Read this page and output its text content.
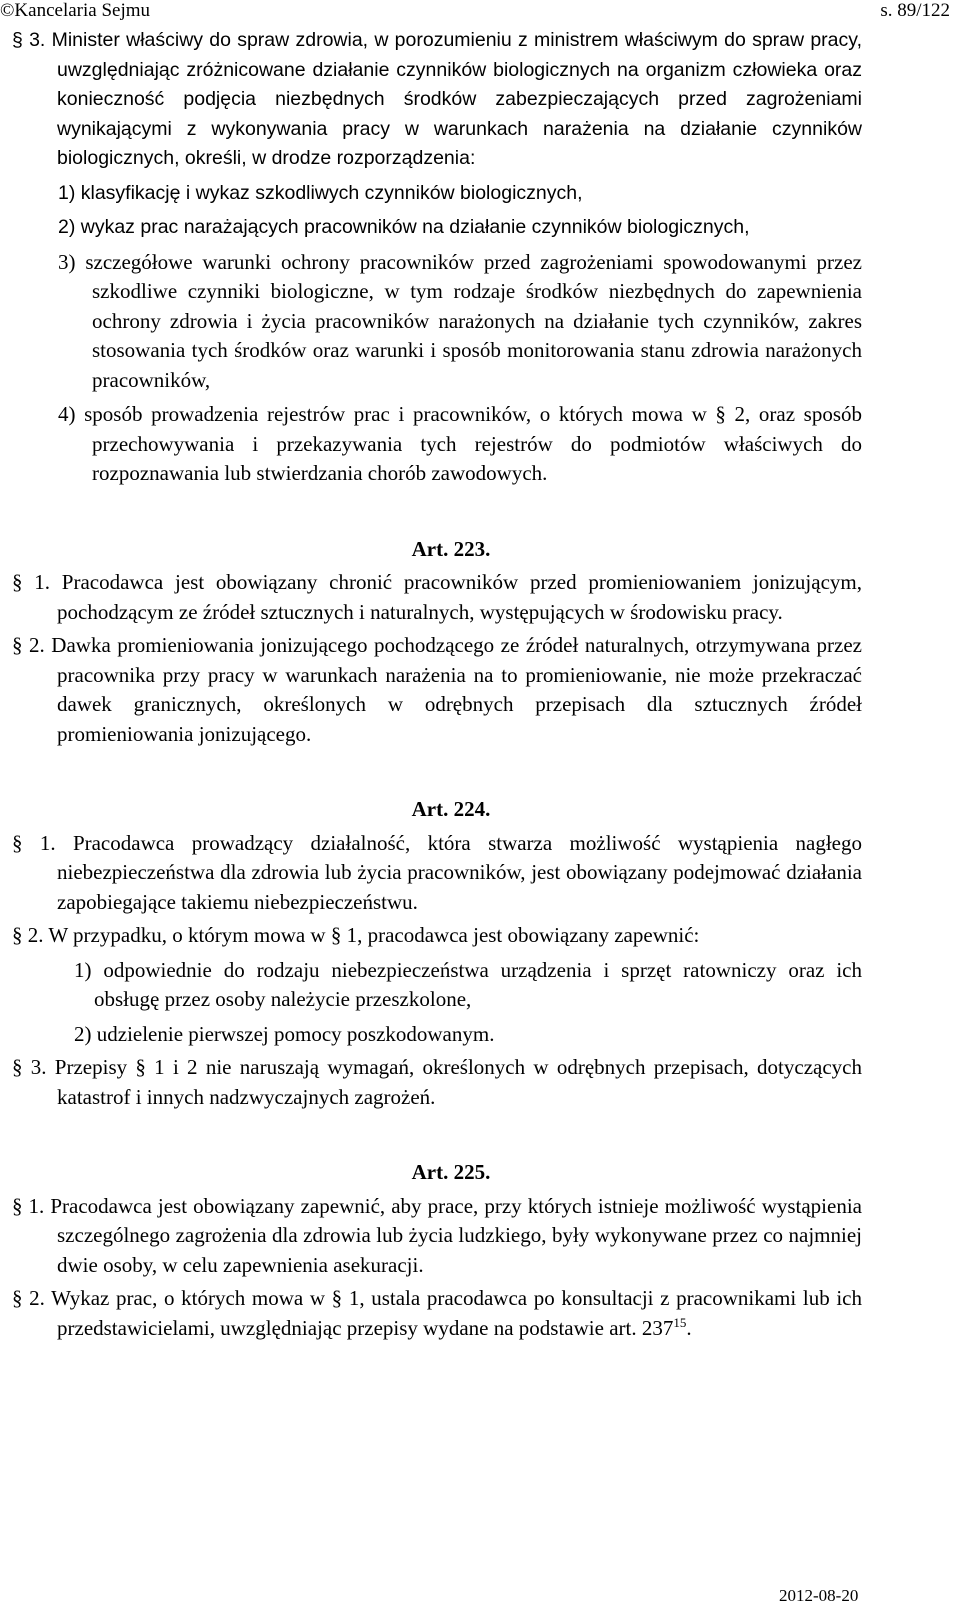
©Kancelaria Sejmu	s. 89/122
§ 3. Minister właściwy do spraw zdrowia, w porozumieniu z ministrem właściwym do spraw pracy, uwzględniając zróżnicowane działanie czynników biologicznych na organizm człowieka oraz konieczność podjęcia niezbędnych środków zabezpieczających przed zagrożeniami wynikającymi z wykonywania pracy w warunkach narażenia na działanie czynników biologicznych, określi, w drodze rozporządzenia:
1) klasyfikację i wykaz szkodliwych czynników biologicznych,
2) wykaz prac narażających pracowników na działanie czynników biologicznych,
3) szczegółowe warunki ochrony pracowników przed zagrożeniami spowodowanymi przez szkodliwe czynniki biologiczne, w tym rodzaje środków niezbędnych do zapewnienia ochrony zdrowia i życia pracowników narażonych na działanie tych czynników, zakres stosowania tych środków oraz warunki i sposób monitorowania stanu zdrowia narażonych pracowników,
4) sposób prowadzenia rejestrów prac i pracowników, o których mowa w § 2, oraz sposób przechowywania i przekazywania tych rejestrów do podmiotów właściwych do rozpoznawania lub stwierdzania chorób zawodowych.
Art. 223.
§ 1. Pracodawca jest obowiązany chronić pracowników przed promieniowaniem jonizującym, pochodzącym ze źródeł sztucznych i naturalnych, występujących w środowisku pracy.
§ 2. Dawka promieniowania jonizującego pochodzącego ze źródeł naturalnych, otrzymywana przez pracownika przy pracy w warunkach narażenia na to promieniowanie, nie może przekraczać dawek granicznych, określonych w odrębnych przepisach dla sztucznych źródeł promieniowania jonizującego.
Art. 224.
§ 1. Pracodawca prowadzący działalność, która stwarza możliwość wystąpienia nagłego niebezpieczeństwa dla zdrowia lub życia pracowników, jest obowiązany podejmować działania zapobiegające takiemu niebezpieczeństwu.
§ 2. W przypadku, o którym mowa w § 1, pracodawca jest obowiązany zapewnić:
1) odpowiednie do rodzaju niebezpieczeństwa urządzenia i sprzęt ratowniczy oraz ich obsługę przez osoby należycie przeszkolone,
2) udzielenie pierwszej pomocy poszkodowanym.
§ 3. Przepisy § 1 i 2 nie naruszają wymagań, określonych w odrębnych przepisach, dotyczących katastrof i innych nadzwyczajnych zagrożeń.
Art. 225.
§ 1. Pracodawca jest obowiązany zapewnić, aby prace, przy których istnieje możliwość wystąpienia szczególnego zagrożenia dla zdrowia lub życia ludzkiego, były wykonywane przez co najmniej dwie osoby, w celu zapewnienia asekuracji.
§ 2. Wykaz prac, o których mowa w § 1, ustala pracodawca po konsultacji z pracownikami lub ich przedstawicielami, uwzględniając przepisy wydane na podstawie art. $237^{15}$.
2012-08-20
